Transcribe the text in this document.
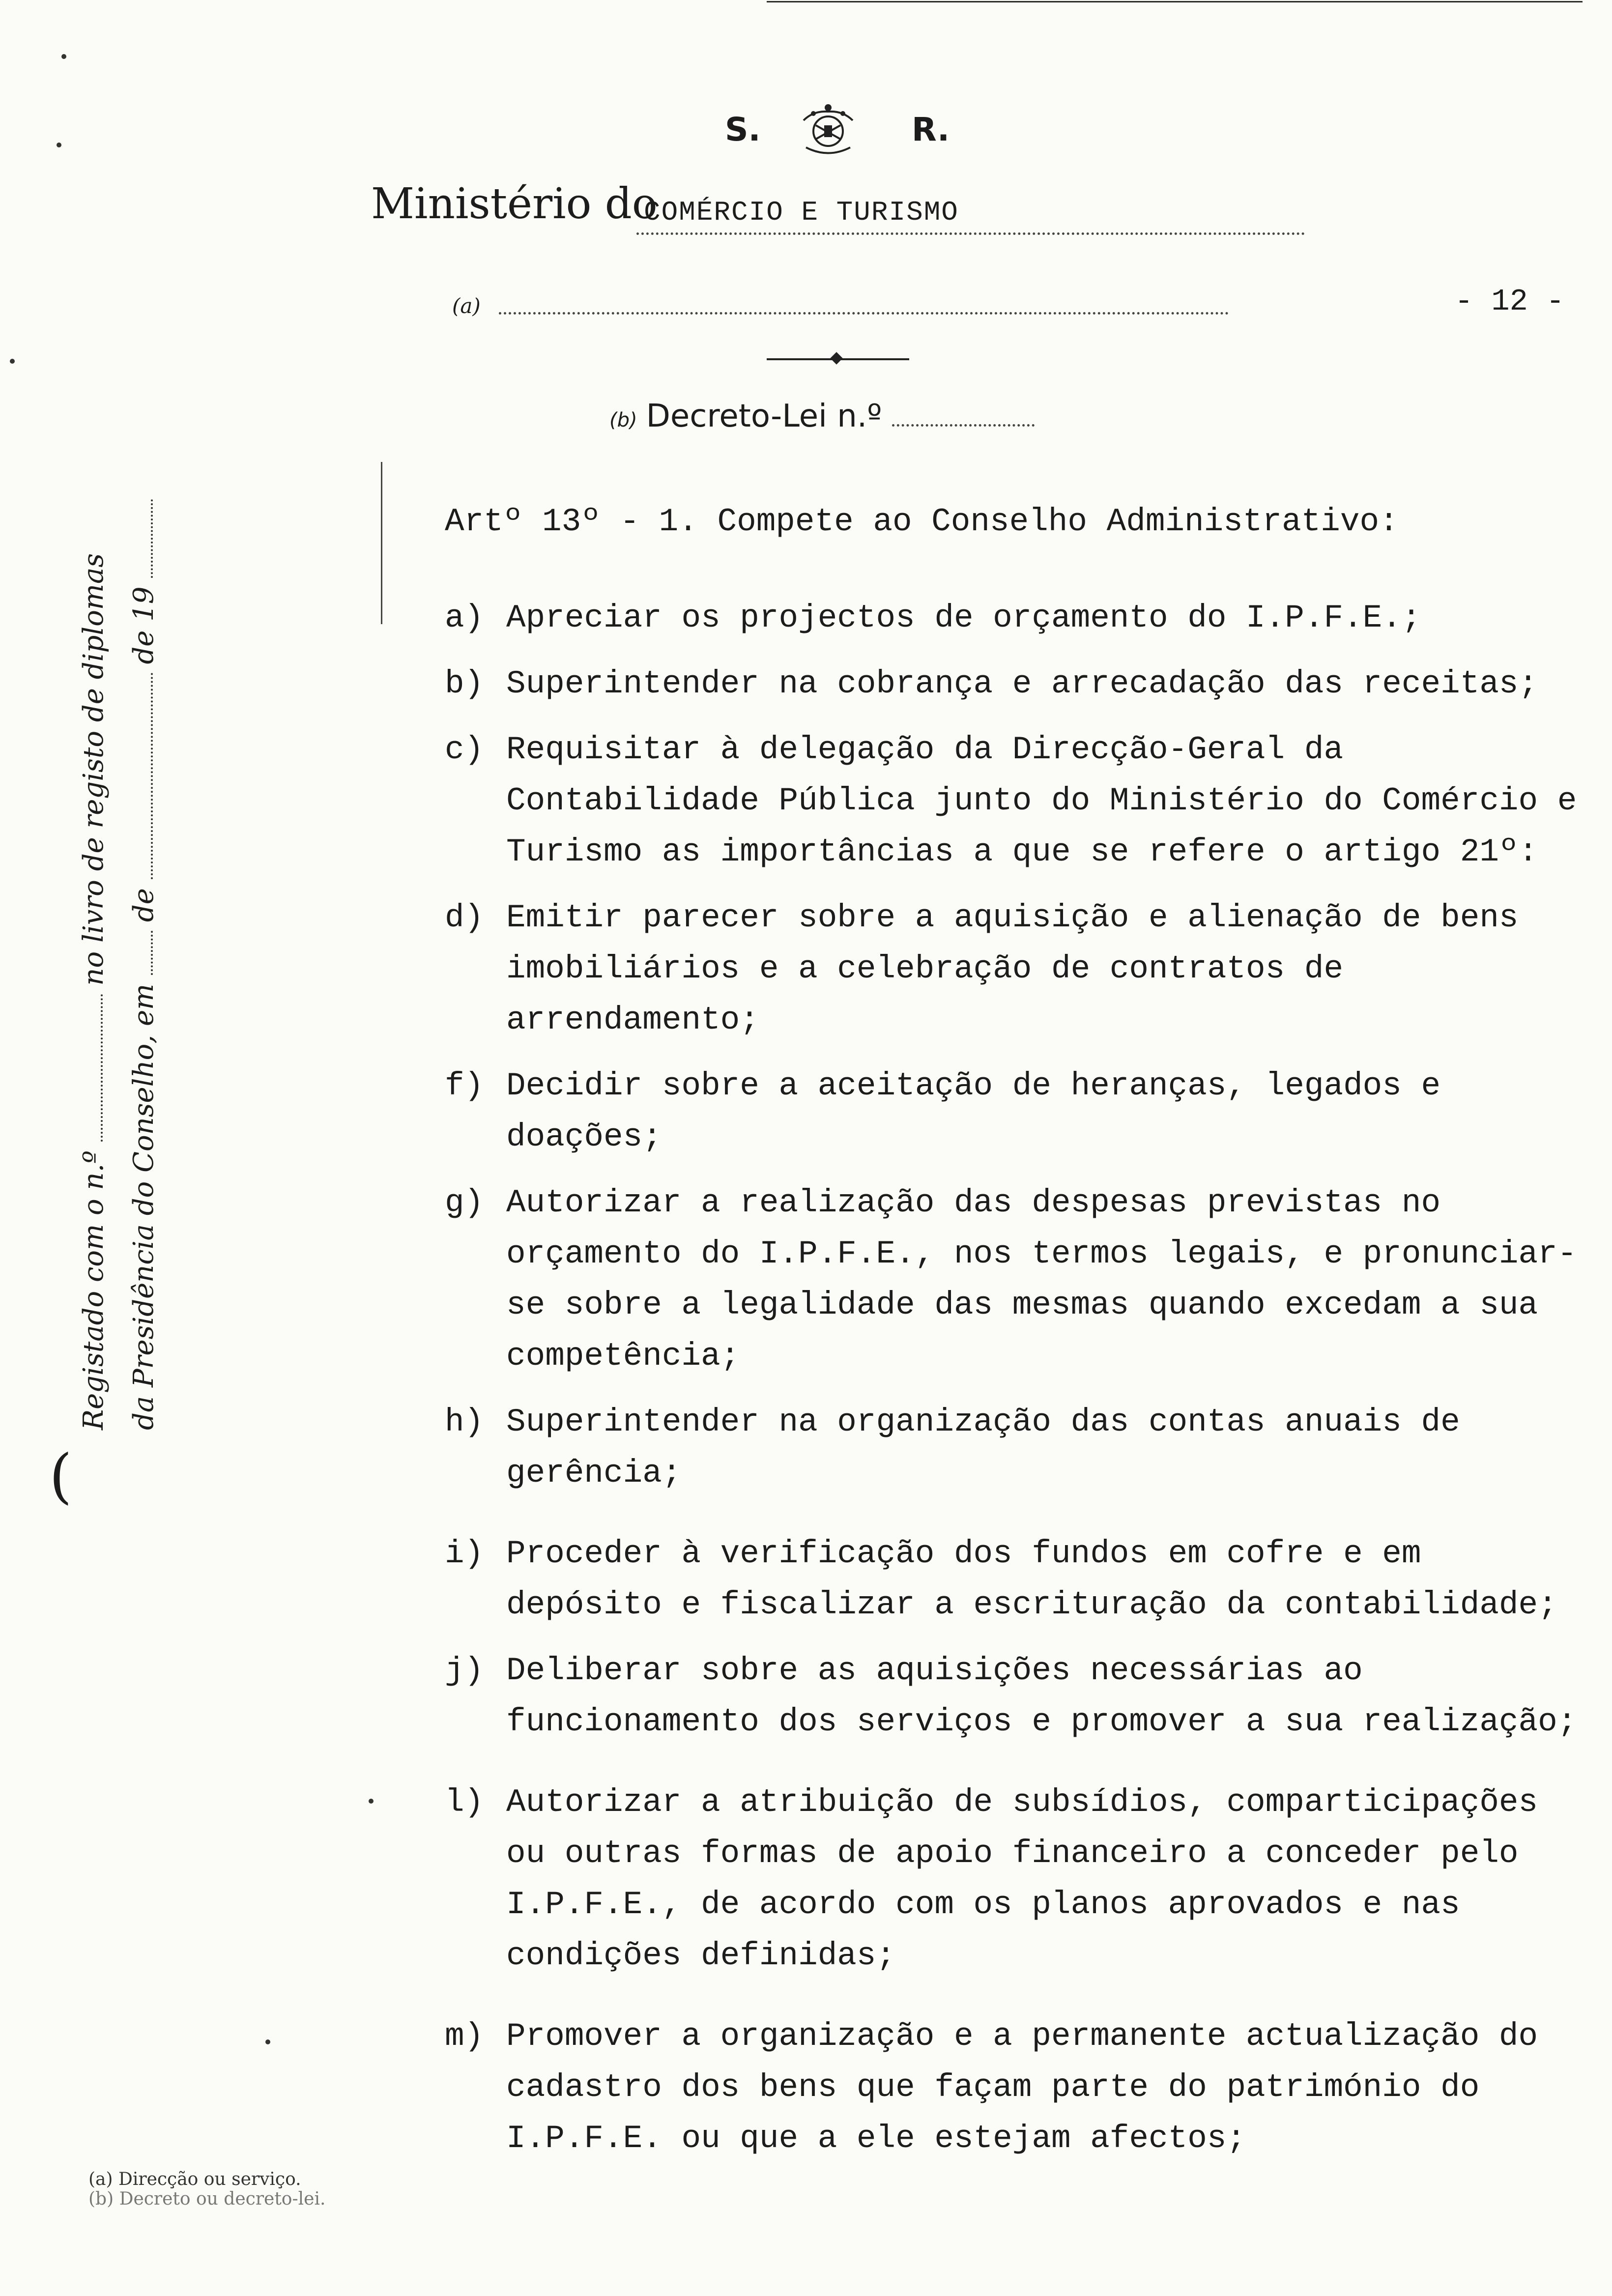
S.	R.
Ministério do
COMÉRCIO E TURISMO
(a)	- 12 -
(b) Decreto-Lei n.º
Artº 13º - 1. Compete ao Conselho Administrativo:
a) Apreciar os projectos de orçamento do I.P.F.E.;
b) Superintender na cobrança e arrecadação das receitas;
c) Requisitar à delegação da Direcção-Geral da Contabilidade Pública junto do Ministério do Comércio e Turismo as importâncias a que se refere o artigo 21º:
d) Emitir parecer sobre a aquisição e alienação de bens imobiliários e a celebração de contratos de arrendamento;
f) Decidir sobre a aceitação de heranças, legados e doações;
g) Autorizar a realização das despesas previstas no orçamento do I.P.F.E., nos termos legais, e pronunciar-se sobre a legalidade das mesmas quando excedam a sua competência;
h) Superintender na organização das contas anuais de gerência;
i) Proceder à verificação dos fundos em cofre e em depósito e fiscalizar a escrituração da contabilidade;
j) Deliberar sobre as aquisições necessárias ao funcionamento dos serviços e promover a sua realização;
l) Autorizar a atribuição de subsídios, comparticipações ou outras formas de apoio financeiro a conceder pelo I.P.F.E., de acordo com os planos aprovados e nas condições definidas;
m) Promover a organização e a permanente actualização do cadastro dos bens que façam parte do património do I.P.F.E. ou que a ele estejam afectos;
(
Registado com o n.º  no livro de registo de diplomas
da Presidência do Conselho, em  de  de 19
(a) Direcção ou serviço.
(b) Decreto ou decreto-lei.
